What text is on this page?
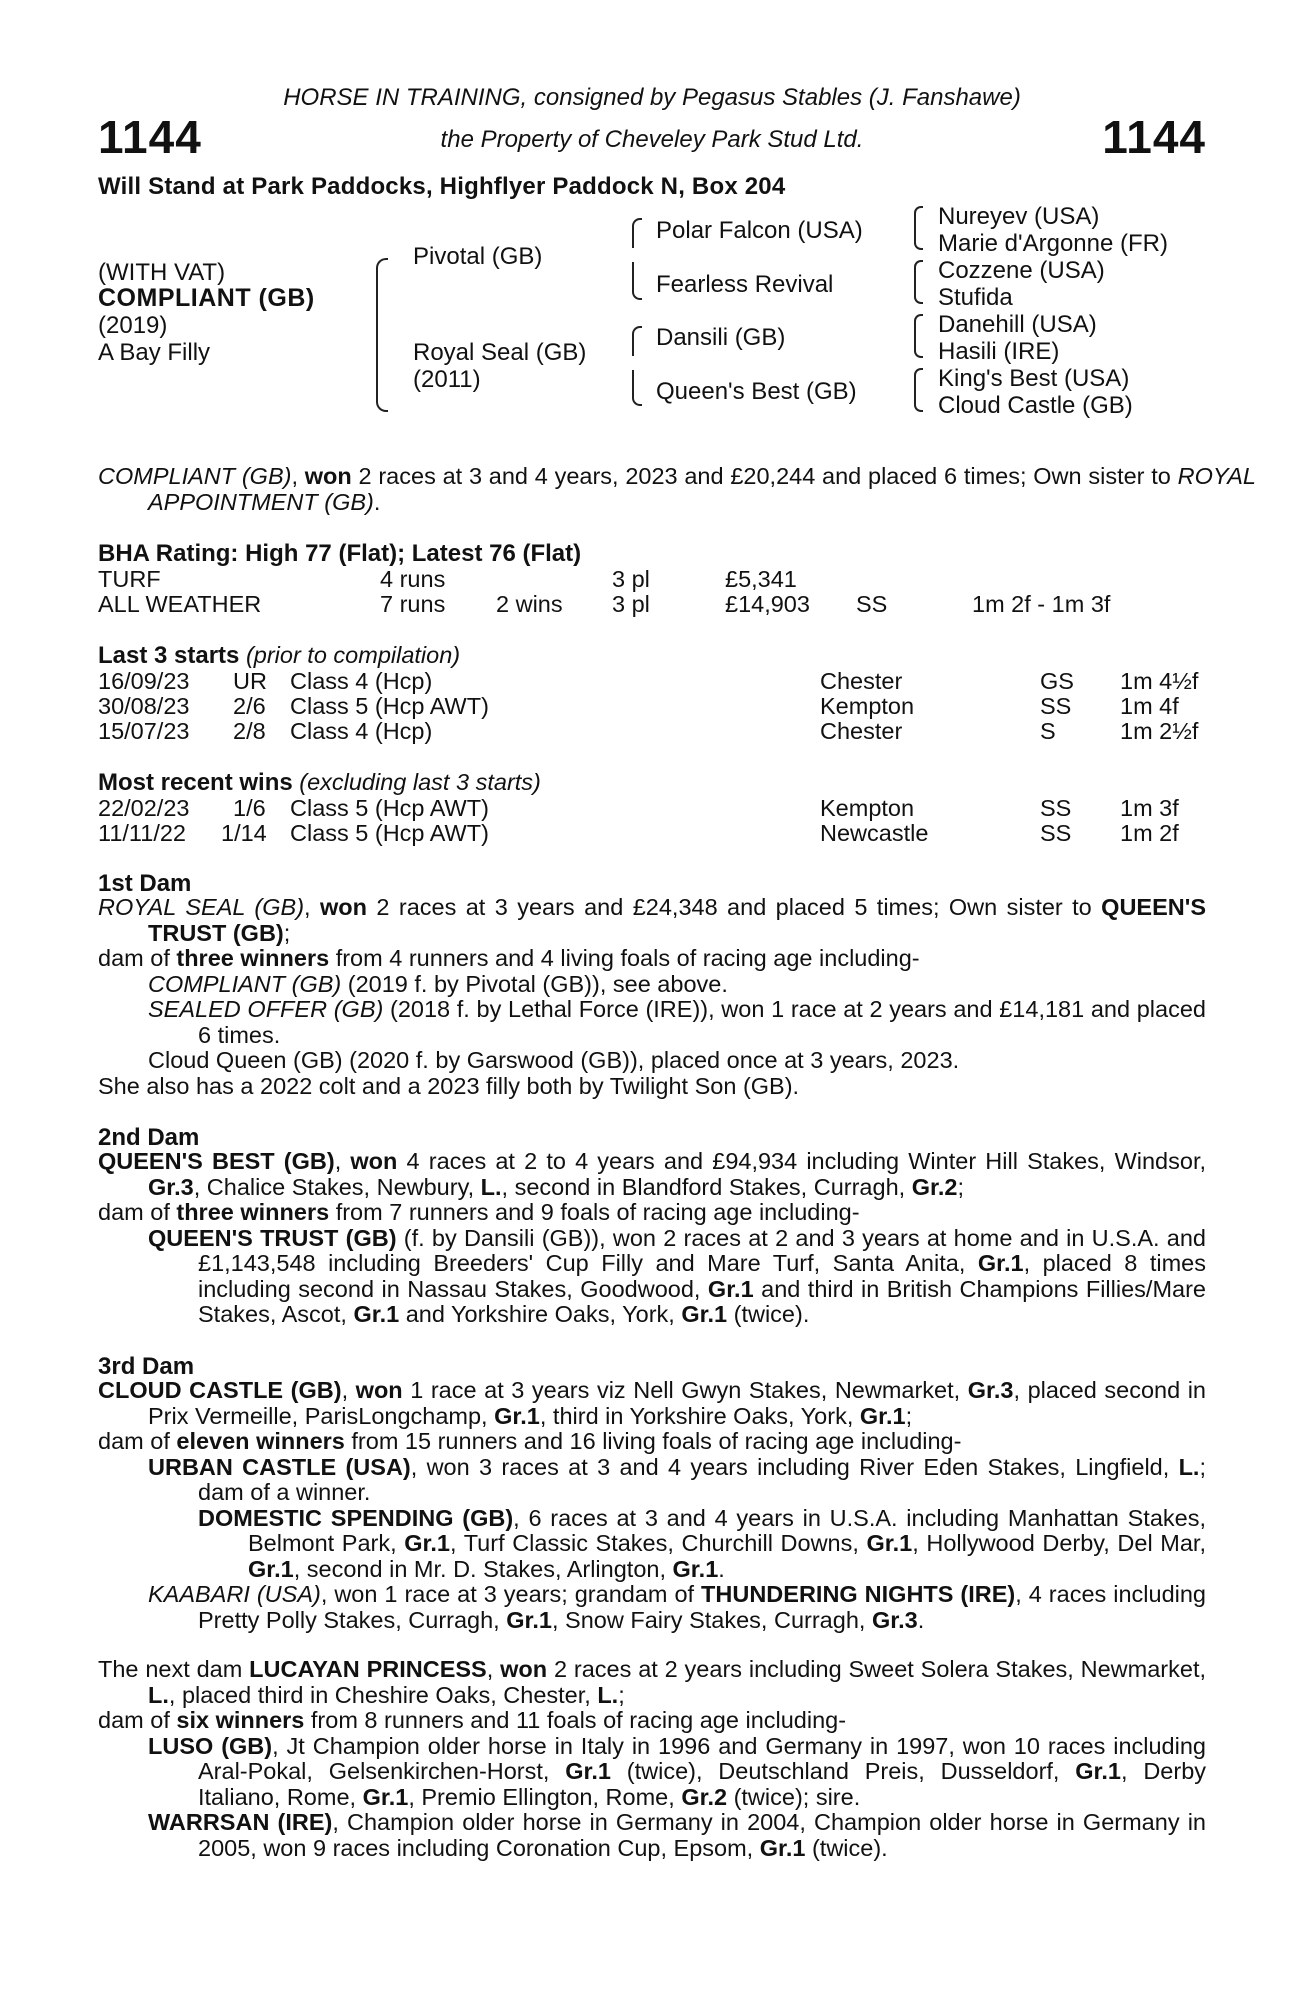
HORSE IN TRAINING, consigned by Pegasus Stables (J. Fanshawe)
the Property of Cheveley Park Stud Ltd.
1144	1144
Will Stand at Park Paddocks, Highflyer Paddock N, Box 204
(WITH VAT)
COMPLIANT (GB)
(2019)
A Bay Filly
Pivotal (GB)
Royal Seal (GB)
(2011)
Polar Falcon (USA)
Fearless Revival
Dansili (GB)
Queen's Best (GB)
Nureyev (USA)
Marie d'Argonne (FR)
Cozzene (USA)
Stufida
Danehill (USA)
Hasili (IRE)
King's Best (USA)
Cloud Castle (GB)
COMPLIANT (GB), won 2 races at 3 and 4 years, 2023 and £20,244 and placed 6 times; Own sister to ROYAL APPOINTMENT (GB).
BHA Rating: High 77 (Flat); Latest 76 (Flat)
TURF	4 runs	3 pl	£5,341
ALL WEATHER	7 runs 2 wins 3 pl	£14,903 SS	1m 2f - 1m 3f
Last 3 starts (prior to compilation)
16/09/23 UR Class 4 (Hcp)	Chester	GS 1m 4½f
30/08/23 2/6 Class 5 (Hcp AWT)	Kempton	SS 1m 4f
15/07/23 2/8 Class 4 (Hcp)	Chester	S	1m 2½f
Most recent wins (excluding last 3 starts)
22/02/23 1/6 Class 5 (Hcp AWT)	Kempton	SS 1m 3f
11/11/22 1/14 Class 5 (Hcp AWT)	Newcastle	SS 1m 2f
1st Dam
ROYAL SEAL (GB), won 2 races at 3 years and £24,348 and placed 5 times; Own sister to QUEEN'S TRUST (GB);
dam of three winners from 4 runners and 4 living foals of racing age including-
COMPLIANT (GB) (2019 f. by Pivotal (GB)), see above.
SEALED OFFER (GB) (2018 f. by Lethal Force (IRE)), won 1 race at 2 years and £14,181 and placed 6 times.
Cloud Queen (GB) (2020 f. by Garswood (GB)), placed once at 3 years, 2023.
She also has a 2022 colt and a 2023 filly both by Twilight Son (GB).
2nd Dam
QUEEN'S BEST (GB), won 4 races at 2 to 4 years and £94,934 including Winter Hill Stakes, Windsor, Gr.3, Chalice Stakes, Newbury, L., second in Blandford Stakes, Curragh, Gr.2;
dam of three winners from 7 runners and 9 foals of racing age including-
QUEEN'S TRUST (GB) (f. by Dansili (GB)), won 2 races at 2 and 3 years at home and in U.S.A. and £1,143,548 including Breeders' Cup Filly and Mare Turf, Santa Anita, Gr.1, placed 8 times including second in Nassau Stakes, Goodwood, Gr.1 and third in British Champions Fillies/Mare Stakes, Ascot, Gr.1 and Yorkshire Oaks, York, Gr.1 (twice).
3rd Dam
CLOUD CASTLE (GB), won 1 race at 3 years viz Nell Gwyn Stakes, Newmarket, Gr.3, placed second in Prix Vermeille, ParisLongchamp, Gr.1, third in Yorkshire Oaks, York, Gr.1;
dam of eleven winners from 15 runners and 16 living foals of racing age including-
URBAN CASTLE (USA), won 3 races at 3 and 4 years including River Eden Stakes, Lingfield, L.; dam of a winner.
DOMESTIC SPENDING (GB), 6 races at 3 and 4 years in U.S.A. including Manhattan Stakes, Belmont Park, Gr.1, Turf Classic Stakes, Churchill Downs, Gr.1, Hollywood Derby, Del Mar, Gr.1, second in Mr. D. Stakes, Arlington, Gr.1.
KAABARI (USA), won 1 race at 3 years; grandam of THUNDERING NIGHTS (IRE), 4 races including Pretty Polly Stakes, Curragh, Gr.1, Snow Fairy Stakes, Curragh, Gr.3.
The next dam LUCAYAN PRINCESS, won 2 races at 2 years including Sweet Solera Stakes, Newmarket, L., placed third in Cheshire Oaks, Chester, L.;
dam of six winners from 8 runners and 11 foals of racing age including-
LUSO (GB), Jt Champion older horse in Italy in 1996 and Germany in 1997, won 10 races including Aral-Pokal, Gelsenkirchen-Horst, Gr.1 (twice), Deutschland Preis, Dusseldorf, Gr.1, Derby Italiano, Rome, Gr.1, Premio Ellington, Rome, Gr.2 (twice); sire.
WARRSAN (IRE), Champion older horse in Germany in 2004, Champion older horse in Germany in 2005, won 9 races including Coronation Cup, Epsom, Gr.1 (twice).
